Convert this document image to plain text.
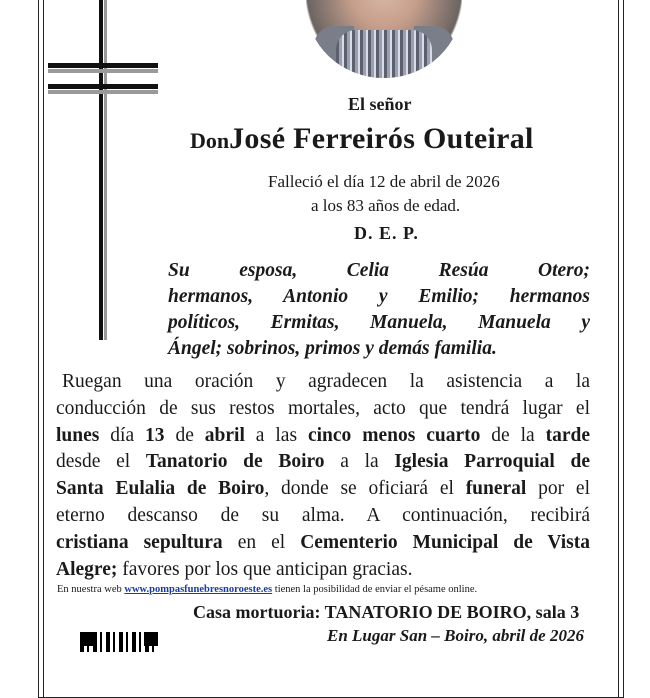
El señor
DonJosé Ferreirós Outeiral
Falleció el día 12 de abril de 2026
a los 83 años de edad.
D. E. P.
Su esposa, Celia Resúa Otero;
hermanos, Antonio y Emilio; hermanos
políticos, Ermitas, Manuela, Manuela y
Ángel; sobrinos, primos y demás familia.
Ruegan una oración y agradecen la asistencia a la
conducción de sus restos mortales, acto que tendrá lugar el
lunes día 13 de abril a las cinco menos cuarto de la tarde
desde el Tanatorio de Boiro a la Iglesia Parroquial de
Santa Eulalia de Boiro, donde se oficiará el funeral por el
eterno descanso de su alma. A continuación, recibirá
cristiana sepultura en el Cementerio Municipal de Vista
Alegre; favores por los que anticipan gracias.
En nuestra web www.pompasfunebresnoroeste.es tienen la posibilidad de enviar el pésame online.
Casa mortuoria: TANATORIO DE BOIRO, sala 3
En Lugar San – Boiro, abril de 2026
